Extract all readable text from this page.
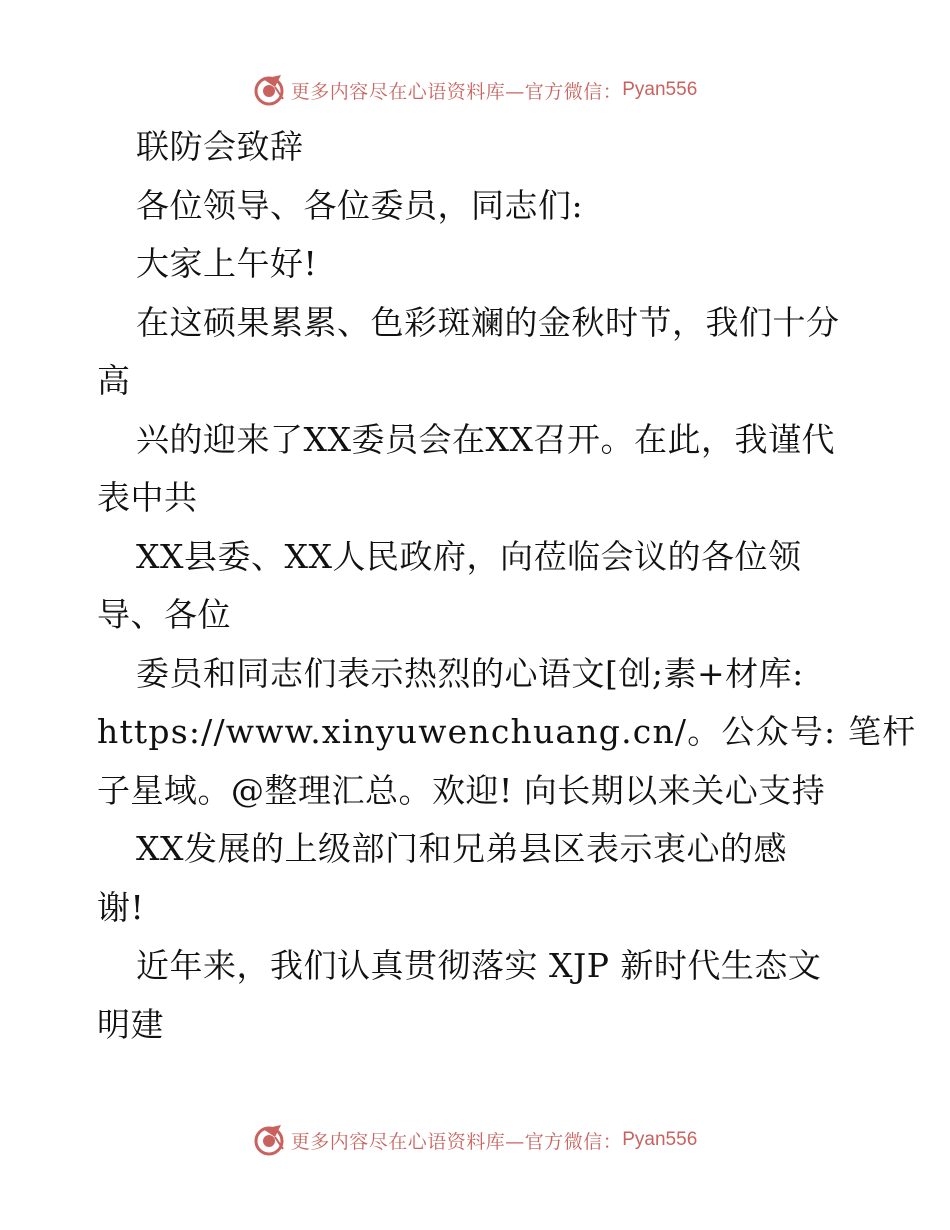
更多内容尽在心语资料库—官方微信： Pyan556
联防会致辞
各位领导、各位委员，同志们:
大家上午好!
在这硕果累累、色彩斑斓的金秋时节，我们十分
高
兴的迎来了XX委员会在XX召开。在此，我谨代
表中共
XX县委、XX人民政府，向莅临会议的各位领
导、各位
委员和同志们表示热烈的心语文[创;素+材库:
https://www.xinyuwenchuang.cn/。公众号: 笔杆
子星域。@整理汇总。欢迎! 向长期以来关心支持
XX发展的上级部门和兄弟县区表示衷心的感
谢!
近年来，我们认真贯彻落实 XJP 新时代生态文
明建
更多内容尽在心语资料库—官方微信： Pyan556
